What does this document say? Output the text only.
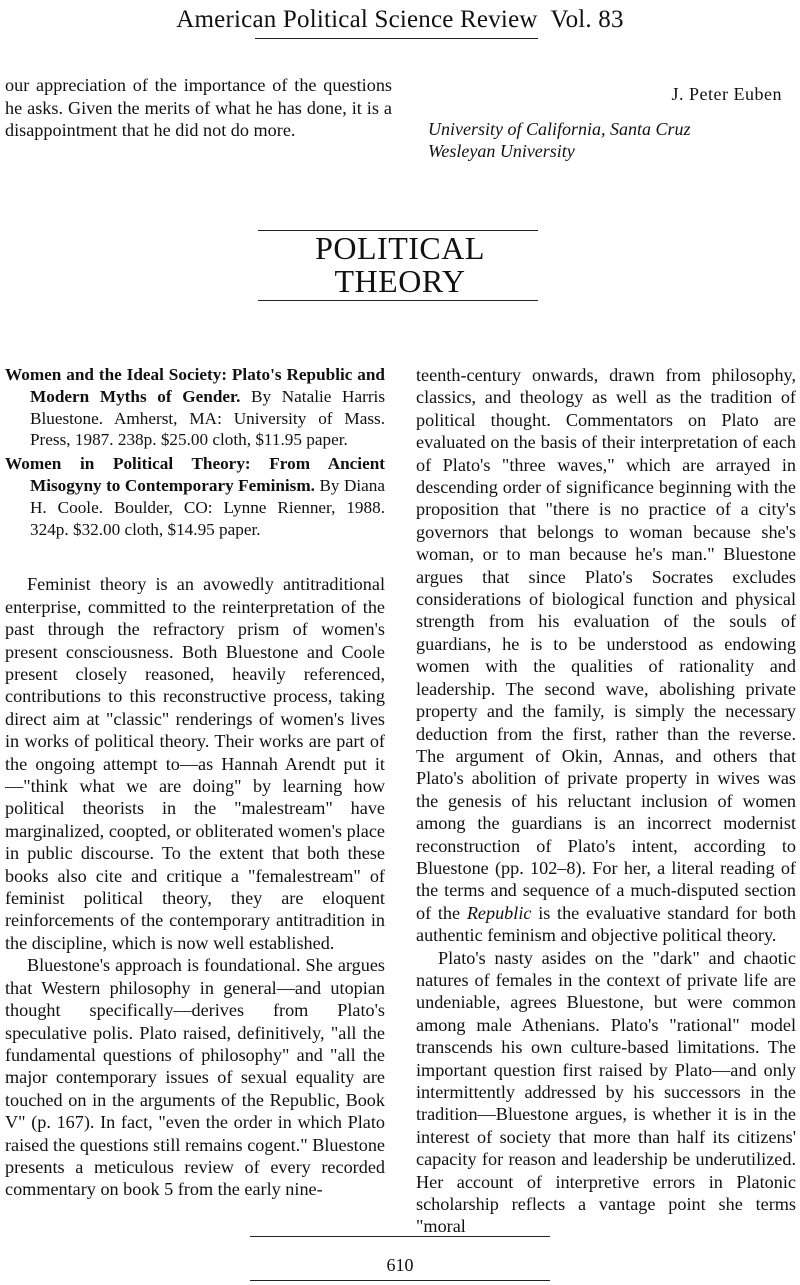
American Political Science Review Vol. 83
our appreciation of the importance of the questions he asks. Given the merits of what he has done, it is a disappointment that he did not do more.
J. Peter Euben
University of California, Santa Cruz
Wesleyan University
POLITICAL
THEORY

Women and the Ideal Society: Plato's Republic and Modern Myths of Gender. By Natalie Harris Bluestone. Amherst, MA: University of Mass. Press, 1987. 238p. $25.00 cloth, $11.95 paper.

Women in Political Theory: From Ancient Misogyny to Contemporary Feminism. By Diana H. Coole. Boulder, CO: Lynne Rienner, 1988. 324p. $32.00 cloth, $14.95 paper.

Feminist theory is an avowedly antitraditional enterprise, committed to the reinterpretation of the past through the refractory prism of women's present consciousness. Both Bluestone and Coole present closely reasoned, heavily referenced, contributions to this reconstructive process, taking direct aim at "classic" renderings of women's lives in works of political theory. Their works are part of the ongoing attempt to—as Hannah Arendt put it—"think what we are doing" by learning how political theorists in the "malestream" have marginalized, coopted, or obliterated women's place in public discourse. To the extent that both these books also cite and critique a "femalestream" of feminist political theory, they are eloquent reinforcements of the contemporary antitradition in the discipline, which is now well established.

Bluestone's approach is foundational. She argues that Western philosophy in general—and utopian thought specifically—derives from Plato's speculative polis. Plato raised, definitively, "all the fundamental questions of philosophy" and "all the major contemporary issues of sexual equality are touched on in the arguments of the Republic, Book V" (p. 167). In fact, "even the order in which Plato raised the questions still remains cogent." Bluestone presents a meticulous review of every recorded commentary on book 5 from the early nine-

teenth-century onwards, drawn from philosophy, classics, and theology as well as the tradition of political thought. Commentators on Plato are evaluated on the basis of their interpretation of each of Plato's "three waves," which are arrayed in descending order of significance beginning with the proposition that "there is no practice of a city's governors that belongs to woman because she's woman, or to man because he's man." Bluestone argues that since Plato's Socrates excludes considerations of biological function and physical strength from his evaluation of the souls of guardians, he is to be understood as endowing women with the qualities of rationality and leadership. The second wave, abolishing private property and the family, is simply the necessary deduction from the first, rather than the reverse. The argument of Okin, Annas, and others that Plato's abolition of private property in wives was the genesis of his reluctant inclusion of women among the guardians is an incorrect modernist reconstruction of Plato's intent, according to Bluestone (pp. 102–8). For her, a literal reading of the terms and sequence of a much-disputed section of the Republic is the evaluative standard for both authentic feminism and objective political theory.

Plato's nasty asides on the "dark" and chaotic natures of females in the context of private life are undeniable, agrees Bluestone, but were common among male Athenians. Plato's "rational" model transcends his own culture-based limitations. The important question first raised by Plato—and only intermittently addressed by his successors in the tradition—Bluestone argues, is whether it is in the interest of society that more than half its citizens' capacity for reason and leadership be underutilized. Her account of interpretive errors in Platonic scholarship reflects a vantage point she terms "moral

610
